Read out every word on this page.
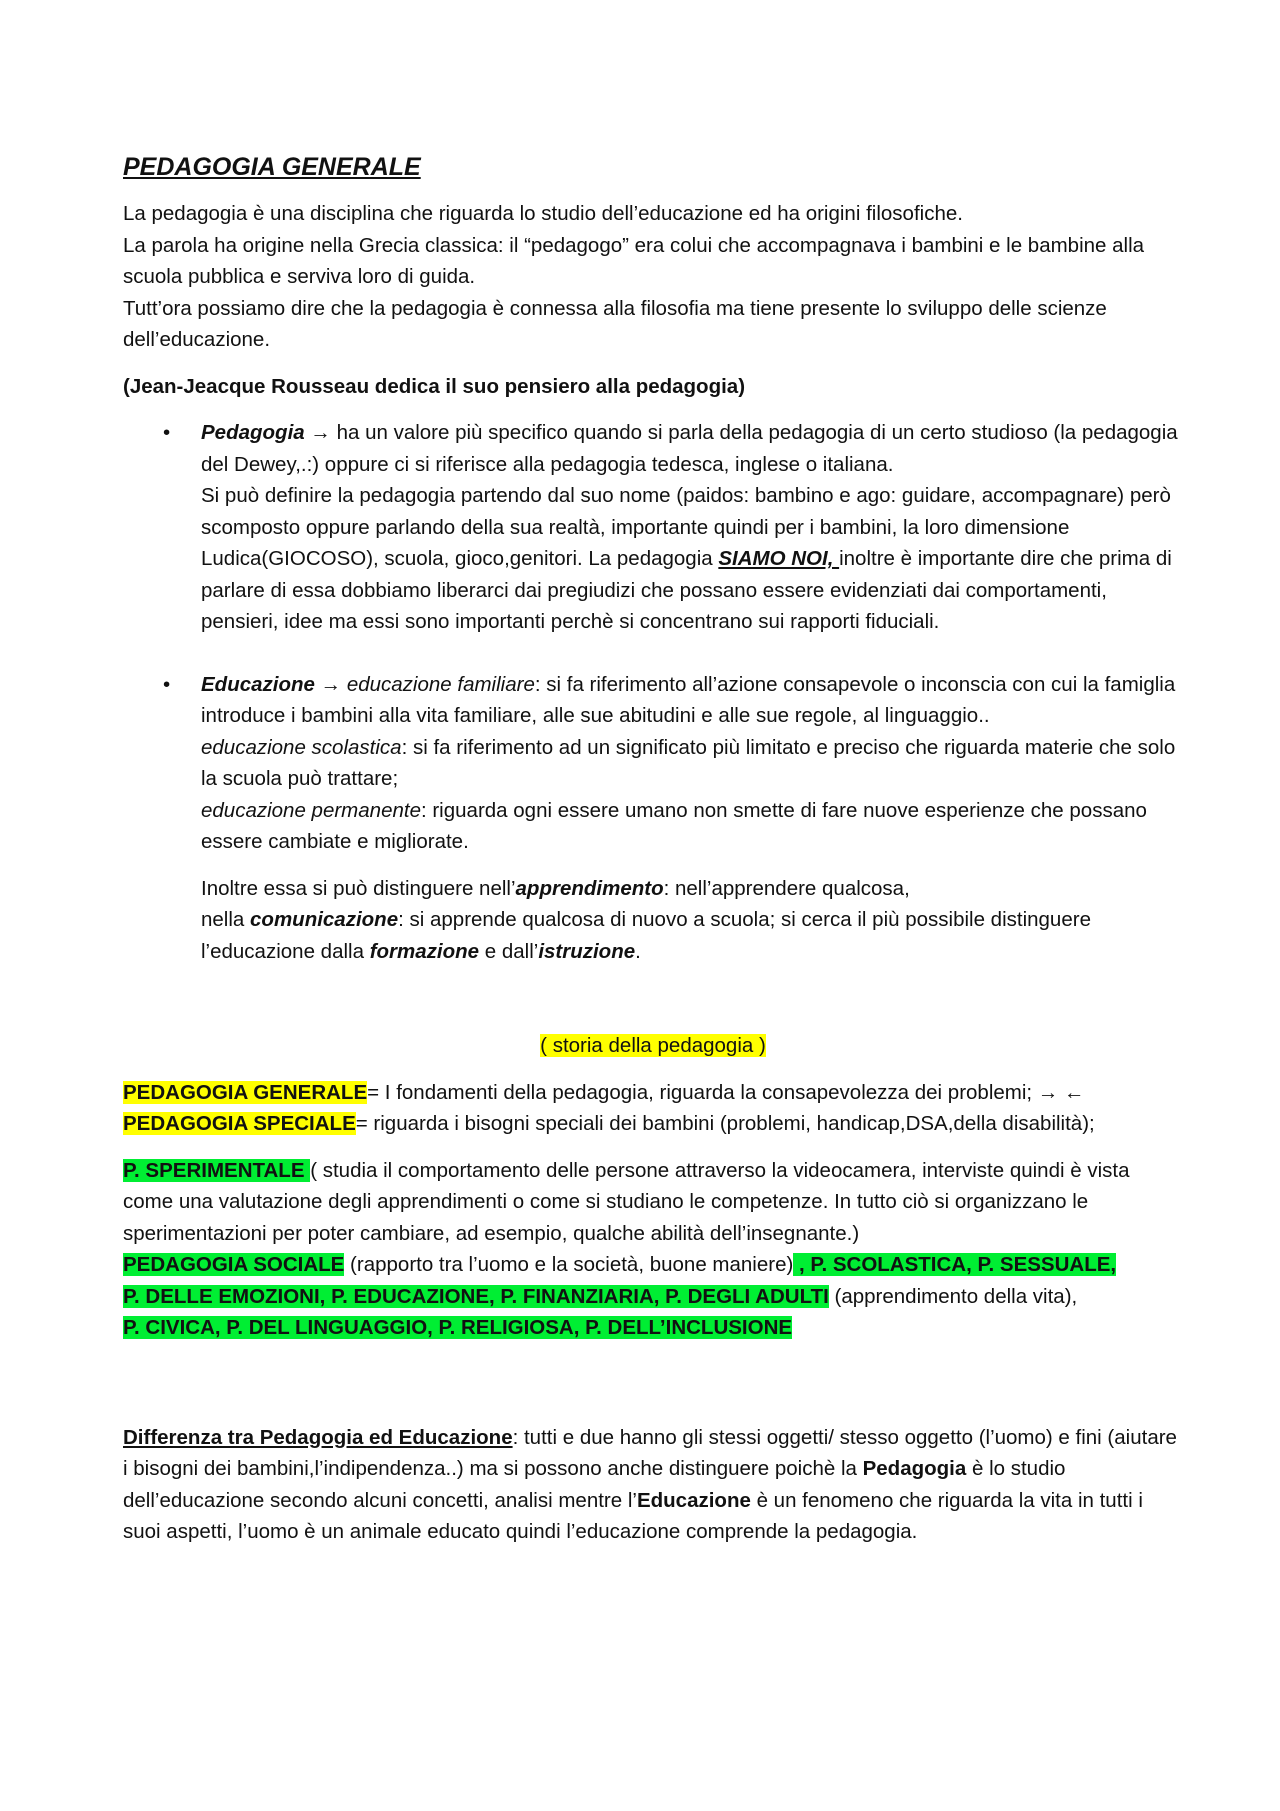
PEDAGOGIA GENERALE

La pedagogia è una disciplina che riguarda lo studio dell’educazione ed ha origini filosofiche.
La parola ha origine nella Grecia classica: il “pedagogo” era colui che accompagnava i bambini e le bambine alla scuola pubblica e serviva loro di guida.
Tutt’ora possiamo dire che la pedagogia è connessa alla filosofia ma tiene presente lo sviluppo delle scienze dell’educazione.

(Jean-Jeacque Rousseau dedica il suo pensiero alla pedagogia)

• Pedagogia → ha un valore più specifico quando si parla della pedagogia di un certo studioso (la pedagogia del Dewey,.:) oppure ci si riferisce alla pedagogia tedesca, inglese o italiana.
Si può definire la pedagogia partendo dal suo nome (paidos: bambino e ago: guidare, accompagnare) però scomposto oppure parlando della sua realtà, importante quindi per i bambini, la loro dimensione Ludica(GIOCOSO), scuola, gioco,genitori. La pedagogia SIAMO NOI, inoltre è importante dire che prima di parlare di essa dobbiamo liberarci dai pregiudizi che possano essere evidenziati dai comportamenti, pensieri, idee ma essi sono importanti perchè si concentrano sui rapporti fiduciali.
• Educazione → educazione familiare: si fa riferimento all’azione consapevole o inconscia con cui la famiglia introduce i bambini alla vita familiare, alle sue abitudini e alle sue regole, al linguaggio..
educazione scolastica: si fa riferimento ad un significato più limitato e preciso che riguarda materie che solo la scuola può trattare;
educazione permanente: riguarda ogni essere umano non smette di fare nuove esperienze che possano essere cambiate e migliorate.

Inoltre essa si può distinguere nell’apprendimento: nell’apprendere qualcosa,
nella comunicazione: si apprende qualcosa di nuovo a scuola; si cerca il più possibile distinguere l’educazione dalla formazione e dall’istruzione.

( storia della pedagogia )

PEDAGOGIA GENERALE= I fondamenti della pedagogia, riguarda la consapevolezza dei problemi; → ←
PEDAGOGIA SPECIALE= riguarda i bisogni speciali dei bambini (problemi, handicap,DSA,della disabilità);

P. SPERIMENTALE ( studia il comportamento delle persone attraverso la videocamera, interviste quindi è vista come una valutazione degli apprendimenti o come si studiano le competenze. In tutto ciò si organizzano le sperimentazioni per poter cambiare, ad esempio, qualche abilità dell’insegnante.)
PEDAGOGIA SOCIALE (rapporto tra l’uomo e la società, buone maniere) , P. SCOLASTICA, P. SESSUALE,
P. DELLE EMOZIONI, P. EDUCAZIONE, P. FINANZIARIA, P. DEGLI ADULTI (apprendimento della vita),
P. CIVICA, P. DEL LINGUAGGIO, P. RELIGIOSA, P. DELL’INCLUSIONE

Differenza tra Pedagogia ed Educazione: tutti e due hanno gli stessi oggetti/ stesso oggetto (l’uomo) e fini (aiutare i bisogni dei bambini,l’indipendenza..) ma si possono anche distinguere poichè la Pedagogia è lo studio dell’educazione secondo alcuni concetti, analisi mentre l’Educazione è un fenomeno che riguarda la vita in tutti i suoi aspetti, l’uomo è un animale educato quindi l’educazione comprende la pedagogia.
